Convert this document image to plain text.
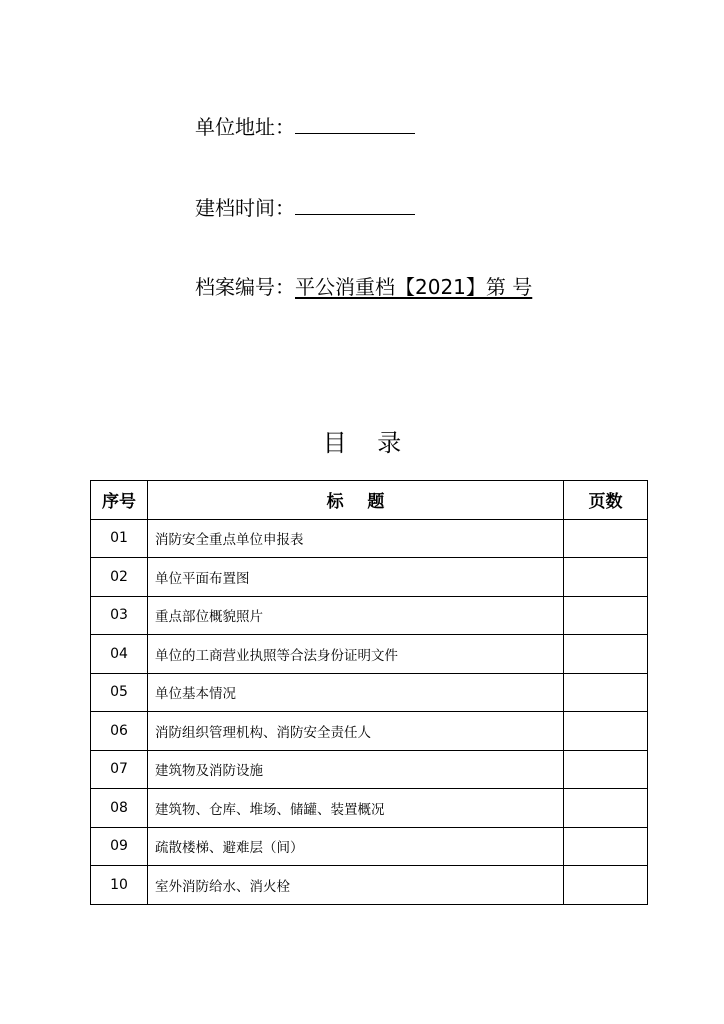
单位地址：
建档时间：
档案编号：平公消重档【2021】第 号
目    录
序号	标    题	页数
01	消防安全重点单位申报表	
02	单位平面布置图	
03	重点部位概貌照片	
04	单位的工商营业执照等合法身份证明文件	
05	单位基本情况	
06	消防组织管理机构、消防安全责任人	
07	建筑物及消防设施	
08	建筑物、仓库、堆场、储罐、装置概况	
09	疏散楼梯、避难层（间）	
10	室外消防给水、消火栓	
